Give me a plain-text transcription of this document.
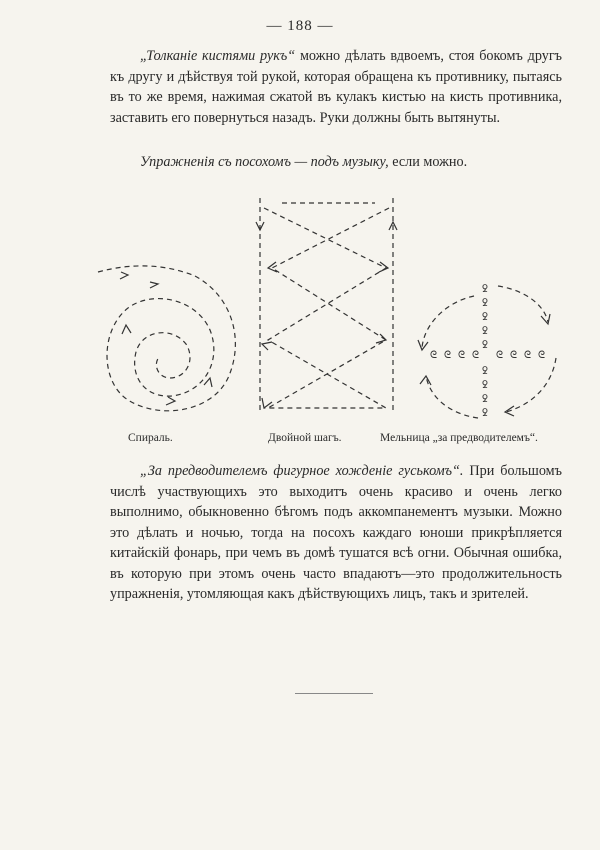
— 188 —
„Толканіе кистями рукъ“ можно дѣлать вдвоемъ, стоя бокомъ другъ къ другу и дѣйствуя той рукой, которая обращена къ противнику, пытаясь въ то же время, нажимая сжатой въ кулакъ кистью на кисть противника, заставить его повернуться назадъ. Руки должны быть вытянуты.
Упражненія съ посохомъ — подъ музыку, если можно.
ꝿ
ꝿ
ꝿ
ꝿ
ꝿ
ᘓ ᘓ ᘓ ᘓ ᘓ ᘓ ᘓ ᘓ
ꝿ
ꝿ
ꝿ
ꝿ
Спираль.	Двойной шагъ.	Мельница „за предводителемъ“.
„За предводителемъ фигурное хожденіе гуськомъ“. При большомъ числѣ участвующихъ это выходитъ очень красиво и очень легко выполнимо, обыкновенно бѣгомъ подъ аккомпанементъ музыки. Можно это дѣлать и ночью, тогда на посохъ каждаго юноши прикрѣпляется китайскій фонарь, при чемъ въ домѣ тушатся всѣ огни. Обычная ошибка, въ которую при этомъ очень часто впадаютъ—это продолжительность упражненія, утомляющая какъ дѣйствующихъ лицъ, такъ и зрителей.
